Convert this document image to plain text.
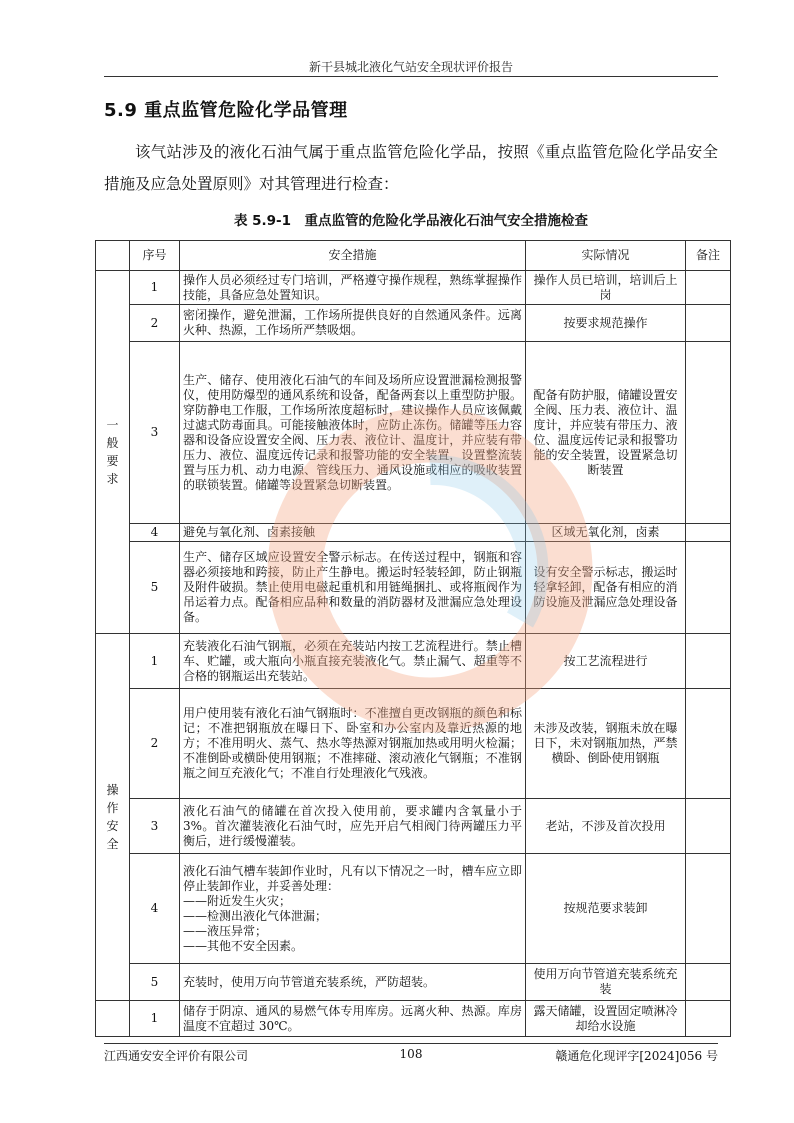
新干县城北液化气站安全现状评价报告
5.9 重点监管危险化学品管理
该气站涉及的液化石油气属于重点监管危险化学品，按照《重点监管危险化学品安全措施及应急处置原则》对其管理进行检查：
表 5.9-1　重点监管的危险化学品液化石油气安全措施检查
	序号	安全措施	实际情况	备注

一
般
要
求	1	操作人员必须经过专门培训，严格遵守操作规程，熟练掌握操作技能，具备应急处置知识。	操作人员已培训，培训后上岗	
	2	密闭操作，避免泄漏，工作场所提供良好的自然通风条件。远离火种、热源，工作场所严禁吸烟。	按要求规范操作	
	3	生产、储存、使用液化石油气的车间及场所应设置泄漏检测报警仪，使用防爆型的通风系统和设备，配备两套以上重型防护服。穿防静电工作服，工作场所浓度超标时，建议操作人员应该佩戴过滤式防毒面具。可能接触液体时，应防止冻伤。储罐等压力容器和设备应设置安全阀、压力表、液位计、温度计，并应装有带压力、液位、温度远传记录和报警功能的安全装置，设置整流装置与压力机、动力电源、管线压力、通风设施或相应的吸收装置的联锁装置。储罐等设置紧急切断装置。	配备有防护服，储罐设置安全阀、压力表、液位计、温度计，并应装有带压力、液位、温度远传记录和报警功能的安全装置，设置紧急切断装置	
	4	避免与氧化剂、卤素接触	区域无氧化剂，卤素	
	5	生产、储存区域应设置安全警示标志。在传送过程中，钢瓶和容器必须接地和跨接，防止产生静电。搬运时轻装轻卸，防止钢瓶及附件破损。禁止使用电磁起重机和用链绳捆扎、或将瓶阀作为吊运着力点。配备相应品种和数量的消防器材及泄漏应急处理设备。	设有安全警示标志，搬运时轻拿轻卸，配备有相应的消防设施及泄漏应急处理设备	

操
作
安
全	1	充装液化石油气钢瓶，必须在充装站内按工艺流程进行。禁止槽车、贮罐，或大瓶向小瓶直接充装液化气。禁止漏气、超重等不合格的钢瓶运出充装站。	按工艺流程进行	
	2	用户使用装有液化石油气钢瓶时：不准擅自更改钢瓶的颜色和标记；不准把钢瓶放在曝日下、卧室和办公室内及靠近热源的地方；不准用明火、蒸气、热水等热源对钢瓶加热或用明火检漏；不准倒卧或横卧使用钢瓶；不准摔碰、滚动液化气钢瓶；不准钢瓶之间互充液化气；不准自行处理液化气残液。	未涉及改装，钢瓶未放在曝日下，未对钢瓶加热，严禁横卧、倒卧使用钢瓶	
	3	液化石油气的储罐在首次投入使用前，要求罐内含氧量小于 3%。首次灌装液化石油气时，应先开启气相阀门待两罐压力平衡后，进行缓慢灌装。	老站，不涉及首次投用	
	4	液化石油气槽车装卸作业时，凡有以下情况之一时，槽车应立即停止装卸作业，并妥善处理：
——附近发生火灾；
——检测出液化气体泄漏；
——液压异常；
——其他不安全因素。	按规范要求装卸	
	5	充装时，使用万向节管道充装系统，严防超装。	使用万向节管道充装系统充装	
	1	储存于阴凉、通风的易燃气体专用库房。远离火种、热源。库房温度不宜超过 30℃。	露天储罐，设置固定喷淋冷却给水设施	
江西通安安全评价有限公司	108	赣通危化现评字[2024]056 号
